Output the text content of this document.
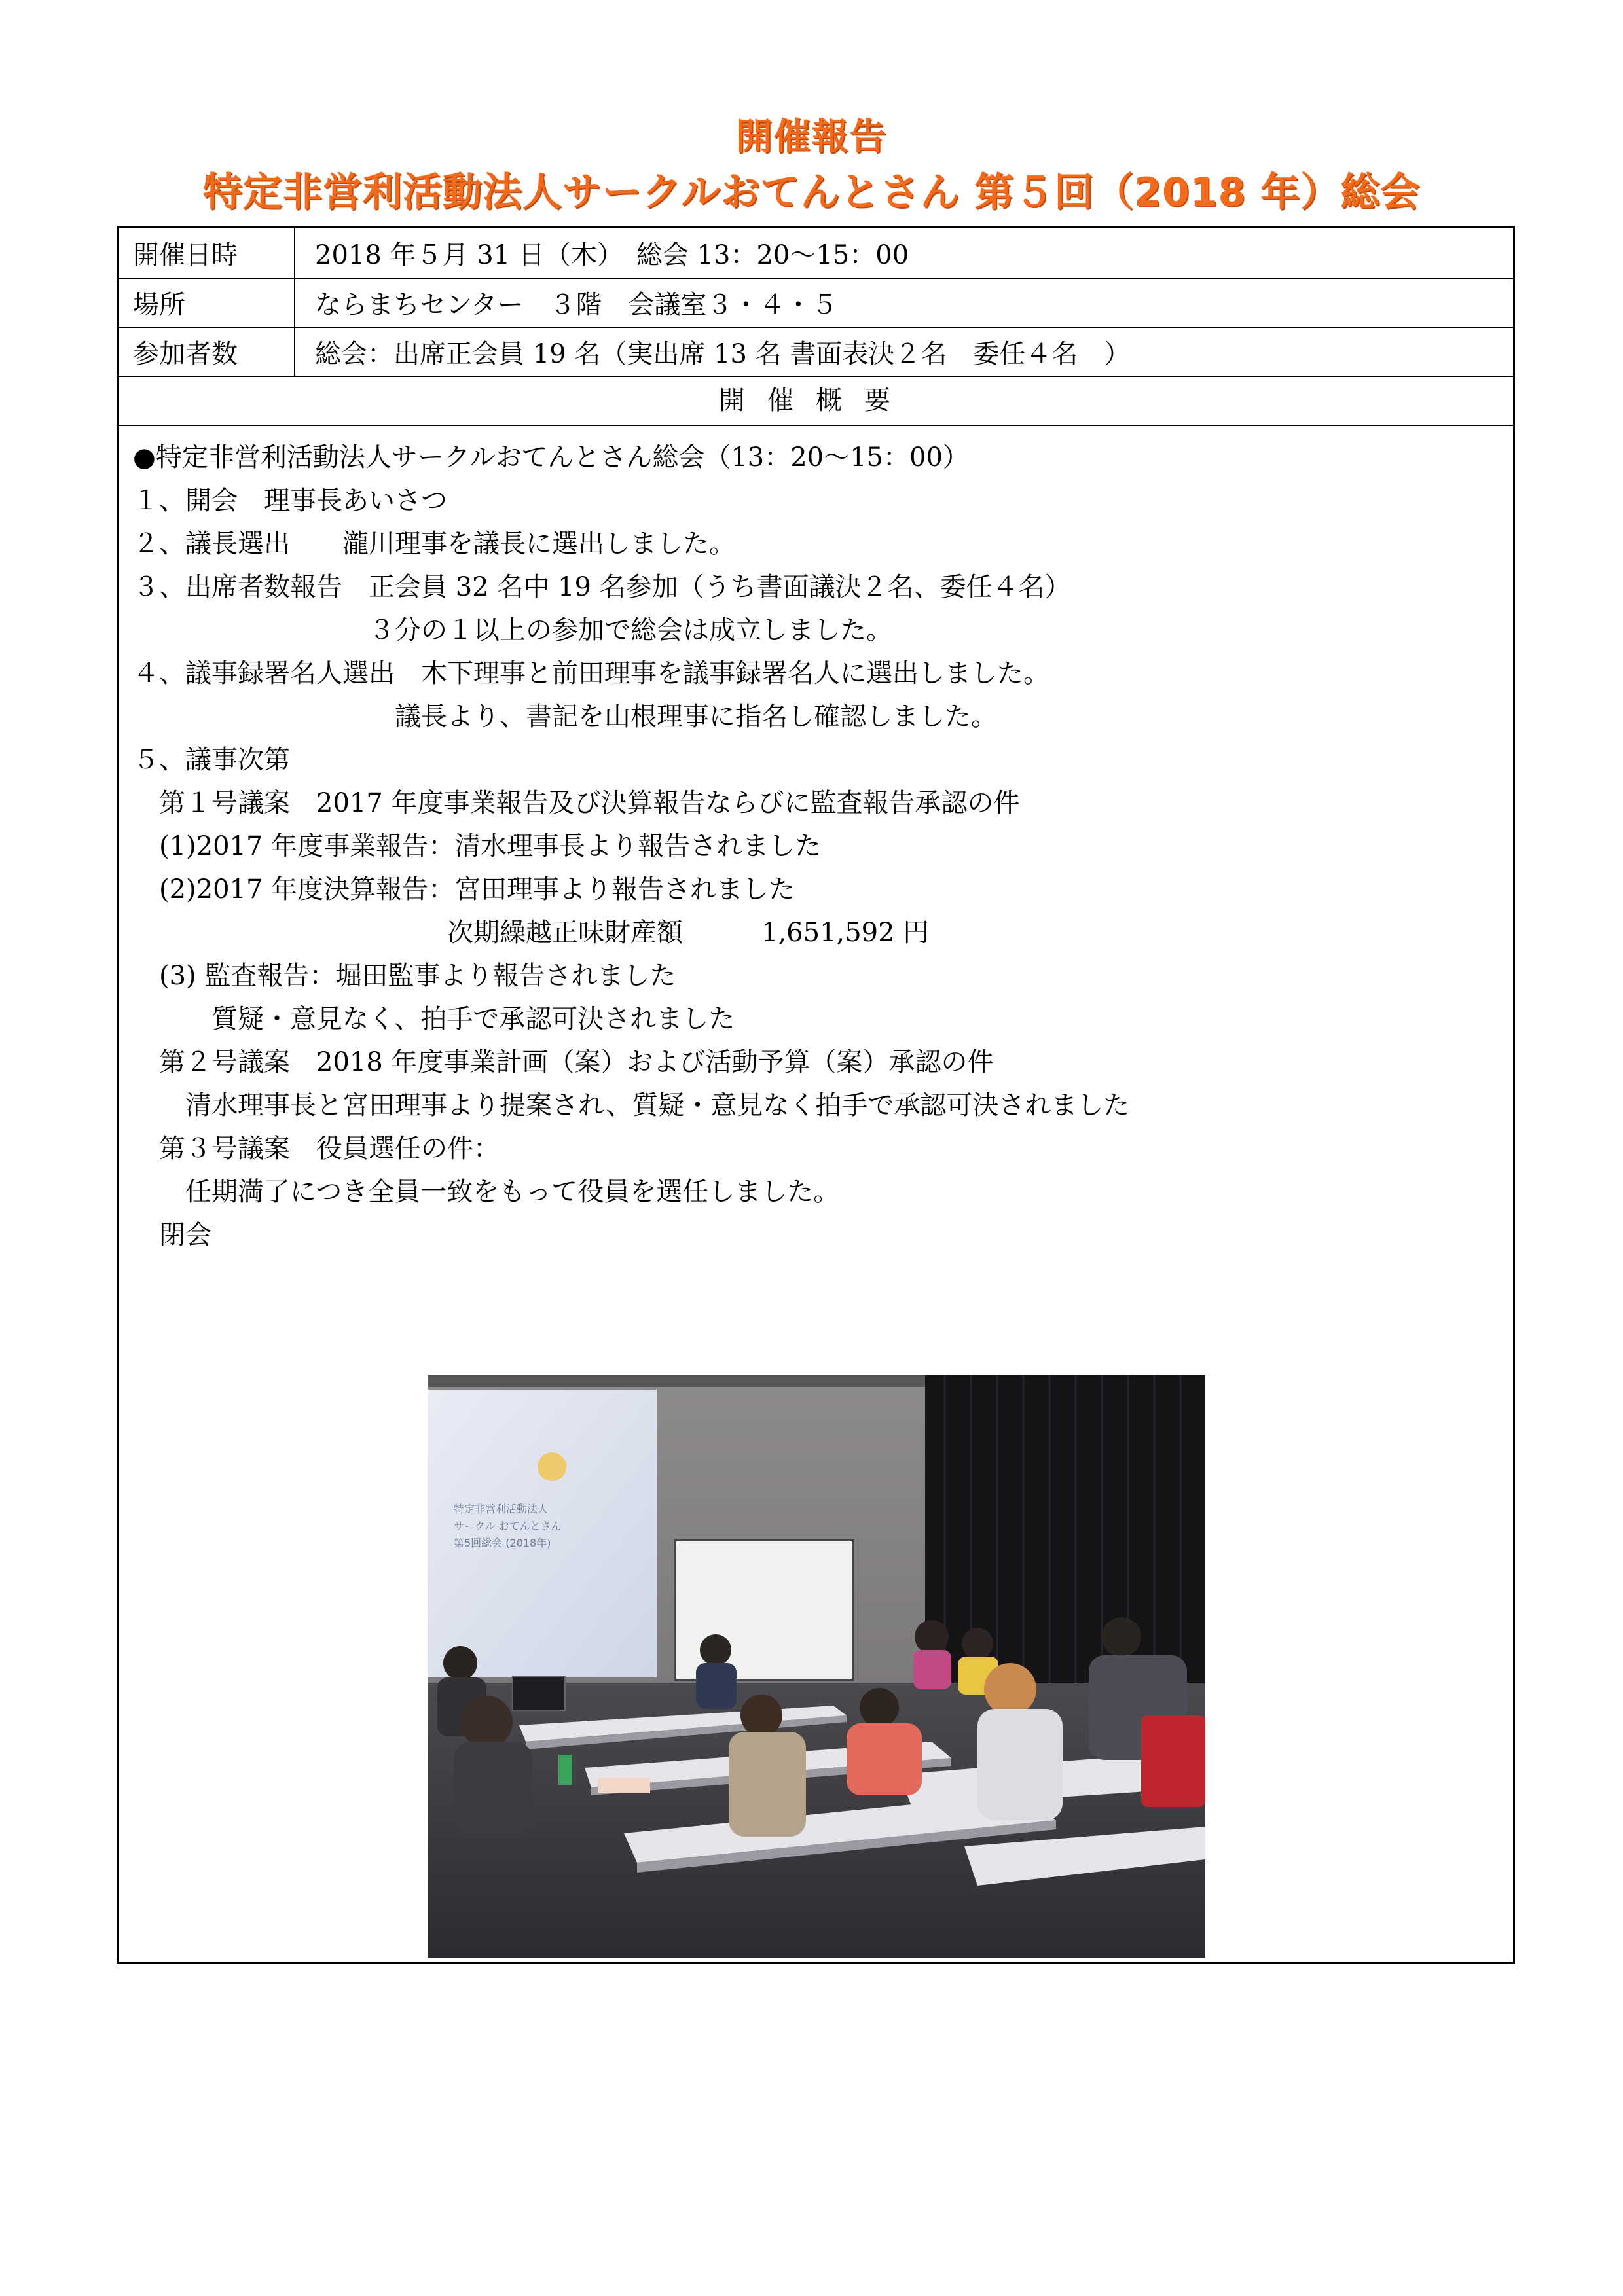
開催報告
特定非営利活動法人サークルおてんとさん 第５回（2018 年）総会
開催日時	2018 年５月 31 日（木）　総会 13：20〜15：00
場所	ならまちセンター　３階　会議室３・４・５
参加者数	総会：出席正会員 19 名（実出席 13 名 書面表決２名　委任４名　）
開催概要
●特定非営利活動法人サークルおてんとさん総会（13：20〜15：00）
１、開会　理事長あいさつ
２、議長選出　　瀧川理事を議長に選出しました。
３、出席者数報告　正会員 32 名中 19 名参加（うち書面議決２名、委任４名）
　　　　　　　　　３分の１以上の参加で総会は成立しました。
４、議事録署名人選出　木下理事と前田理事を議事録署名人に選出しました。
　　　　　　　　　　議長より、書記を山根理事に指名し確認しました。
５、議事次第
　第１号議案　2017 年度事業報告及び決算報告ならびに監査報告承認の件
　(1)2017 年度事業報告：清水理事長より報告されました
　(2)2017 年度決算報告：宮田理事より報告されました
　　　　　　　　　　　　次期繰越正味財産額　　　1,651,592 円
　(3) 監査報告：堀田監事より報告されました
　　　質疑・意見なく、拍手で承認可決されました
　第２号議案　2018 年度事業計画（案）および活動予算（案）承認の件
　　清水理事長と宮田理事より提案され、質疑・意見なく拍手で承認可決されました
　第３号議案　役員選任の件：
　　任期満了につき全員一致をもって役員を選任しました。
　閉会
特定非営利活動法人
サークル おてんとさん
第5回総会 (2018年)
